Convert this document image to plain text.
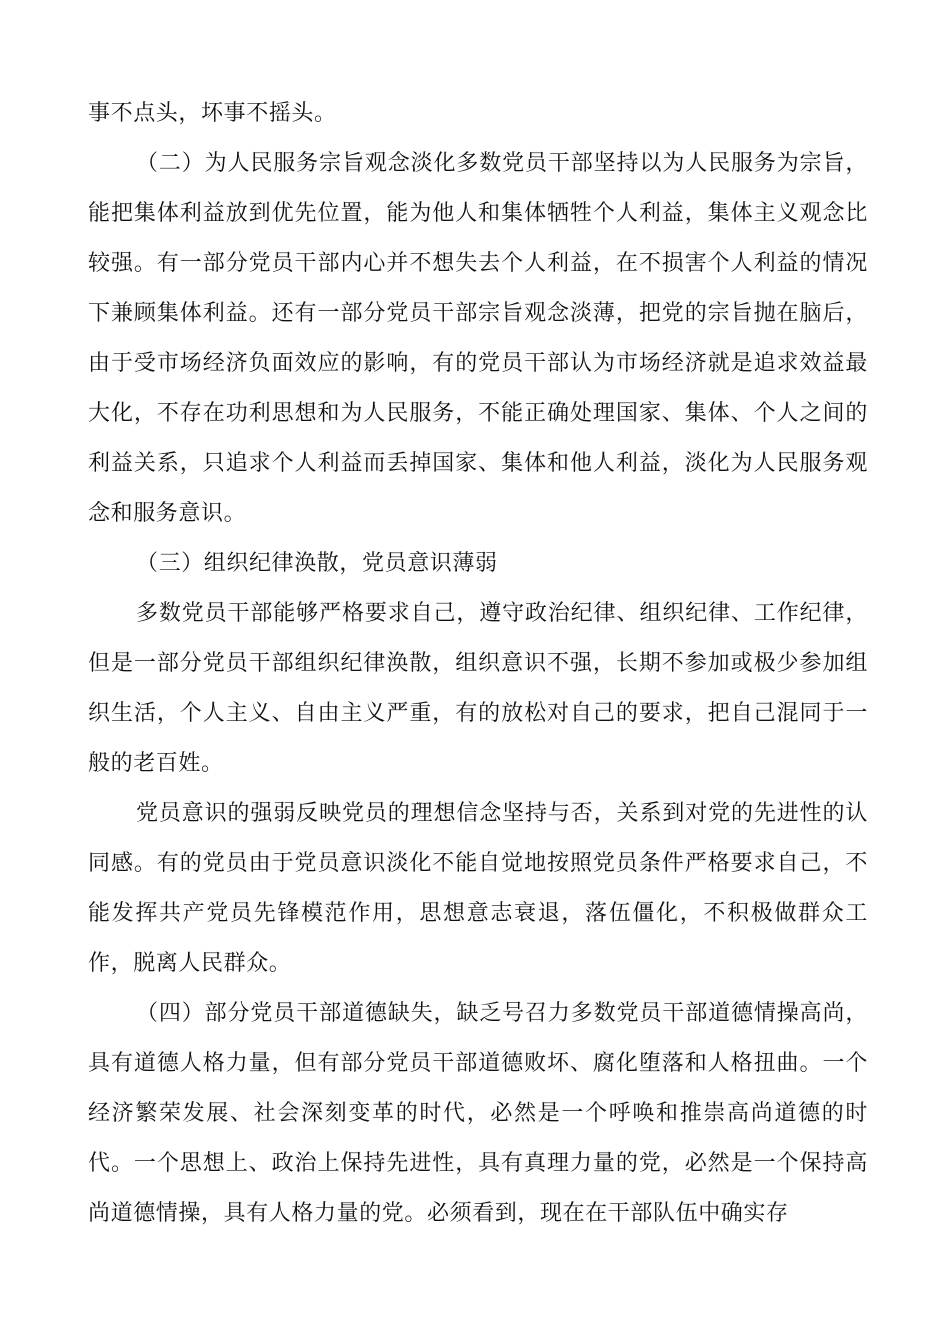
事不点头，坏事不摇头。

（二）为人民服务宗旨观念淡化多数党员干部坚持以为人民服务为宗旨，能把集体利益放到优先位置，能为他人和集体牺牲个人利益，集体主义观念比较强。有一部分党员干部内心并不想失去个人利益，在不损害个人利益的情况下兼顾集体利益。还有一部分党员干部宗旨观念淡薄，把党的宗旨抛在脑后，由于受市场经济负面效应的影响，有的党员干部认为市场经济就是追求效益最大化，不存在功利思想和为人民服务，不能正确处理国家、集体、个人之间的利益关系，只追求个人利益而丢掉国家、集体和他人利益，淡化为人民服务观念和服务意识。

（三）组织纪律涣散，党员意识薄弱

多数党员干部能够严格要求自己，遵守政治纪律、组织纪律、工作纪律，但是一部分党员干部组织纪律涣散，组织意识不强，长期不参加或极少参加组织生活，个人主义、自由主义严重，有的放松对自己的要求，把自己混同于一般的老百姓。

党员意识的强弱反映党员的理想信念坚持与否，关系到对党的先进性的认同感。有的党员由于党员意识淡化不能自觉地按照党员条件严格要求自己，不能发挥共产党员先锋模范作用，思想意志衰退，落伍僵化，不积极做群众工作，脱离人民群众。

（四）部分党员干部道德缺失，缺乏号召力多数党员干部道德情操高尚，具有道德人格力量，但有部分党员干部道德败坏、腐化堕落和人格扭曲。一个经济繁荣发展、社会深刻变革的时代，必然是一个呼唤和推崇高尚道德的时代。一个思想上、政治上保持先进性，具有真理力量的党，必然是一个保持高尚道德情操，具有人格力量的党。必须看到，现在在干部队伍中确实存
